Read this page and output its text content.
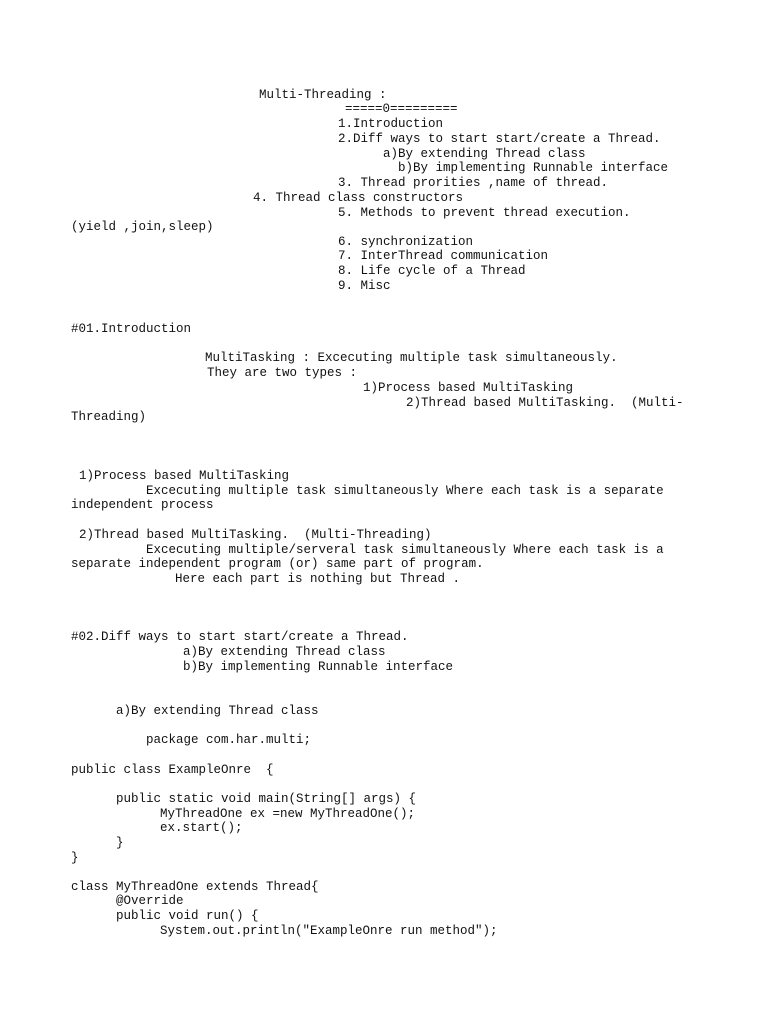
Multi-Threading :
=====0=========
1.Introduction
2.Diff ways to start start/create a Thread.
a)By extending Thread class
b)By implementing Runnable interface
3. Thread prorities ,name of thread.
4. Thread class constructors
5. Methods to prevent thread execution.
(yield ,join,sleep)
6. synchronization
7. InterThread communication
8. Life cycle of a Thread
9. Misc
#01.Introduction
MultiTasking : Excecuting multiple task simultaneously.
They are two types :
1)Process based MultiTasking
2)Thread based MultiTasking.  (Multi-
Threading)
1)Process based MultiTasking
Excecuting multiple task simultaneously Where each task is a separate
independent process
2)Thread based MultiTasking.  (Multi-Threading)
Excecuting multiple/serveral task simultaneously Where each task is a
separate independent program (or) same part of program.
Here each part is nothing but Thread .
#02.Diff ways to start start/create a Thread.
a)By extending Thread class
b)By implementing Runnable interface
a)By extending Thread class
package com.har.multi;
public class ExampleOnre  {
public static void main(String[] args) {
MyThreadOne ex =new MyThreadOne();
ex.start();
}
}
class MyThreadOne extends Thread{
@Override
public void run() {
System.out.println("ExampleOnre run method");
